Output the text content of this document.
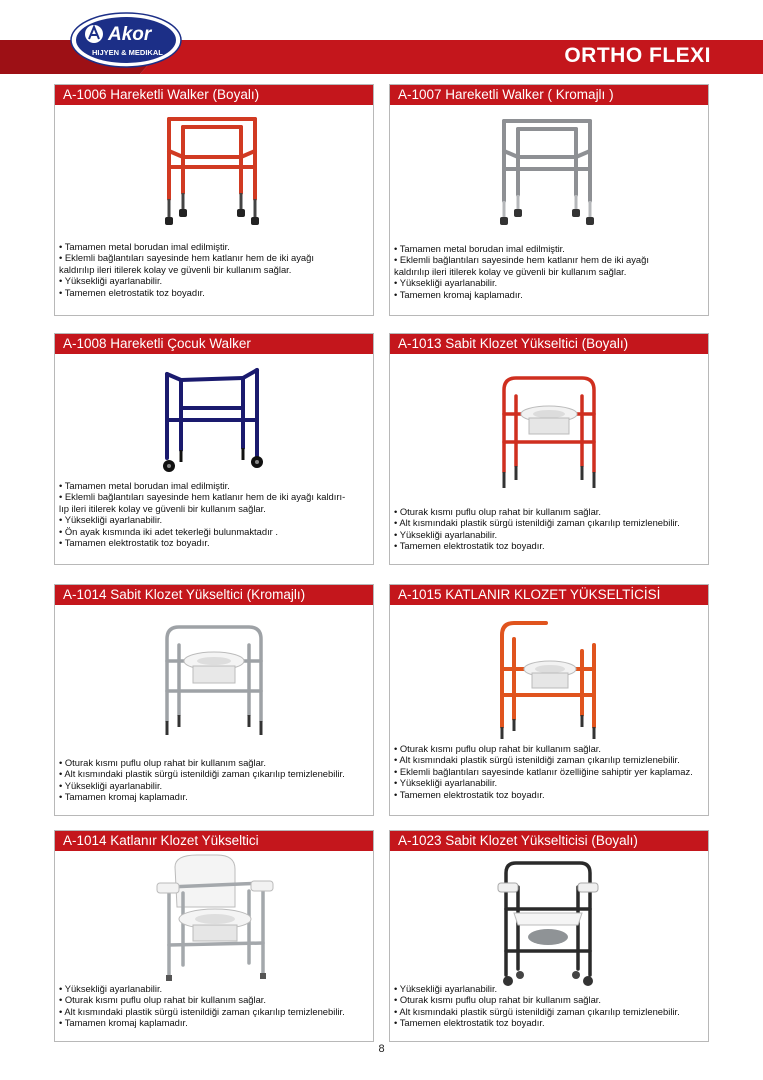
ORTHO FLEXI
Akor
HIJYEN & MEDIKAL
A-1006 Hareketli Walker (Boyalı)
• Tamamen metal borudan imal edilmiştir.
• Eklemli bağlantıları sayesinde hem katlanır hem de iki ayağı
kaldırılıp ileri itilerek kolay ve güvenli bir kullanım sağlar.
• Yüksekliği ayarlanabilir.
• Tamemen eletrostatik toz boyadır.
A-1007 Hareketli Walker ( Kromajlı )
• Tamamen metal borudan imal edilmiştir.
• Eklemli bağlantıları sayesinde hem katlanır hem de iki ayağı
kaldırılıp ileri itilerek kolay ve güvenli bir kullanım sağlar.
• Yüksekliği ayarlanabilir.
• Tamemen kromaj kaplamadır.
A-1008 Hareketli Çocuk Walker
• Tamamen metal borudan imal edilmiştir.
• Eklemli bağlantıları sayesinde hem katlanır hem de iki ayağı kaldırı-
lıp ileri itilerek kolay ve güvenli bir kullanım sağlar.
• Yüksekliği ayarlanabilir.
• Ön ayak kısmında iki adet tekerleği bulunmaktadır .
• Tamamen elektrostatik toz boyadır.
A-1013 Sabit Klozet Yükseltici (Boyalı)
• Oturak kısmı puflu olup rahat bir kullanım sağlar.
• Alt kısmındaki plastik sürgü istenildiği zaman çıkarılıp temizlenebilir.
• Yüksekliği ayarlanabilir.
• Tamemen elektrostatik toz boyadır.
A-1014 Sabit Klozet Yükseltici (Kromajlı)
• Oturak kısmı puflu olup rahat bir kullanım sağlar.
• Alt kısmındaki plastik sürgü istenildiği zaman çıkarılıp temizlenebilir.
• Yüksekliği ayarlanabilir.
• Tamamen kromaj kaplamadır.
A-1015 KATLANIR KLOZET YÜKSELTİCİSİ
• Oturak kısmı puflu olup rahat bir kullanım sağlar.
• Alt kısmındaki plastik sürgü istenildiği zaman çıkarılıp temizlenebilir.
• Eklemli bağlantıları sayesinde katlanır özelliğine sahiptir yer kaplamaz.
• Yüksekliği ayarlanabilir.
• Tamemen elektrostatik toz boyadır.
A-1014 Katlanır Klozet Yükseltici
• Yüksekliği ayarlanabilir.
• Oturak kısmı puflu olup rahat bir kullanım sağlar.
• Alt kısmındaki plastik sürgü istenildiği zaman çıkarılıp temizlenebilir.
• Tamamen kromaj kaplamadır.
A-1023 Sabit Klozet Yükselticisi (Boyalı)
• Yüksekliği ayarlanabilir.
• Oturak kısmı puflu olup rahat bir kullanım sağlar.
• Alt kısmındaki plastik sürgü istenildiği zaman çıkarılıp temizlenebilir.
• Tamemen elektrostatik toz boyadır.
8
